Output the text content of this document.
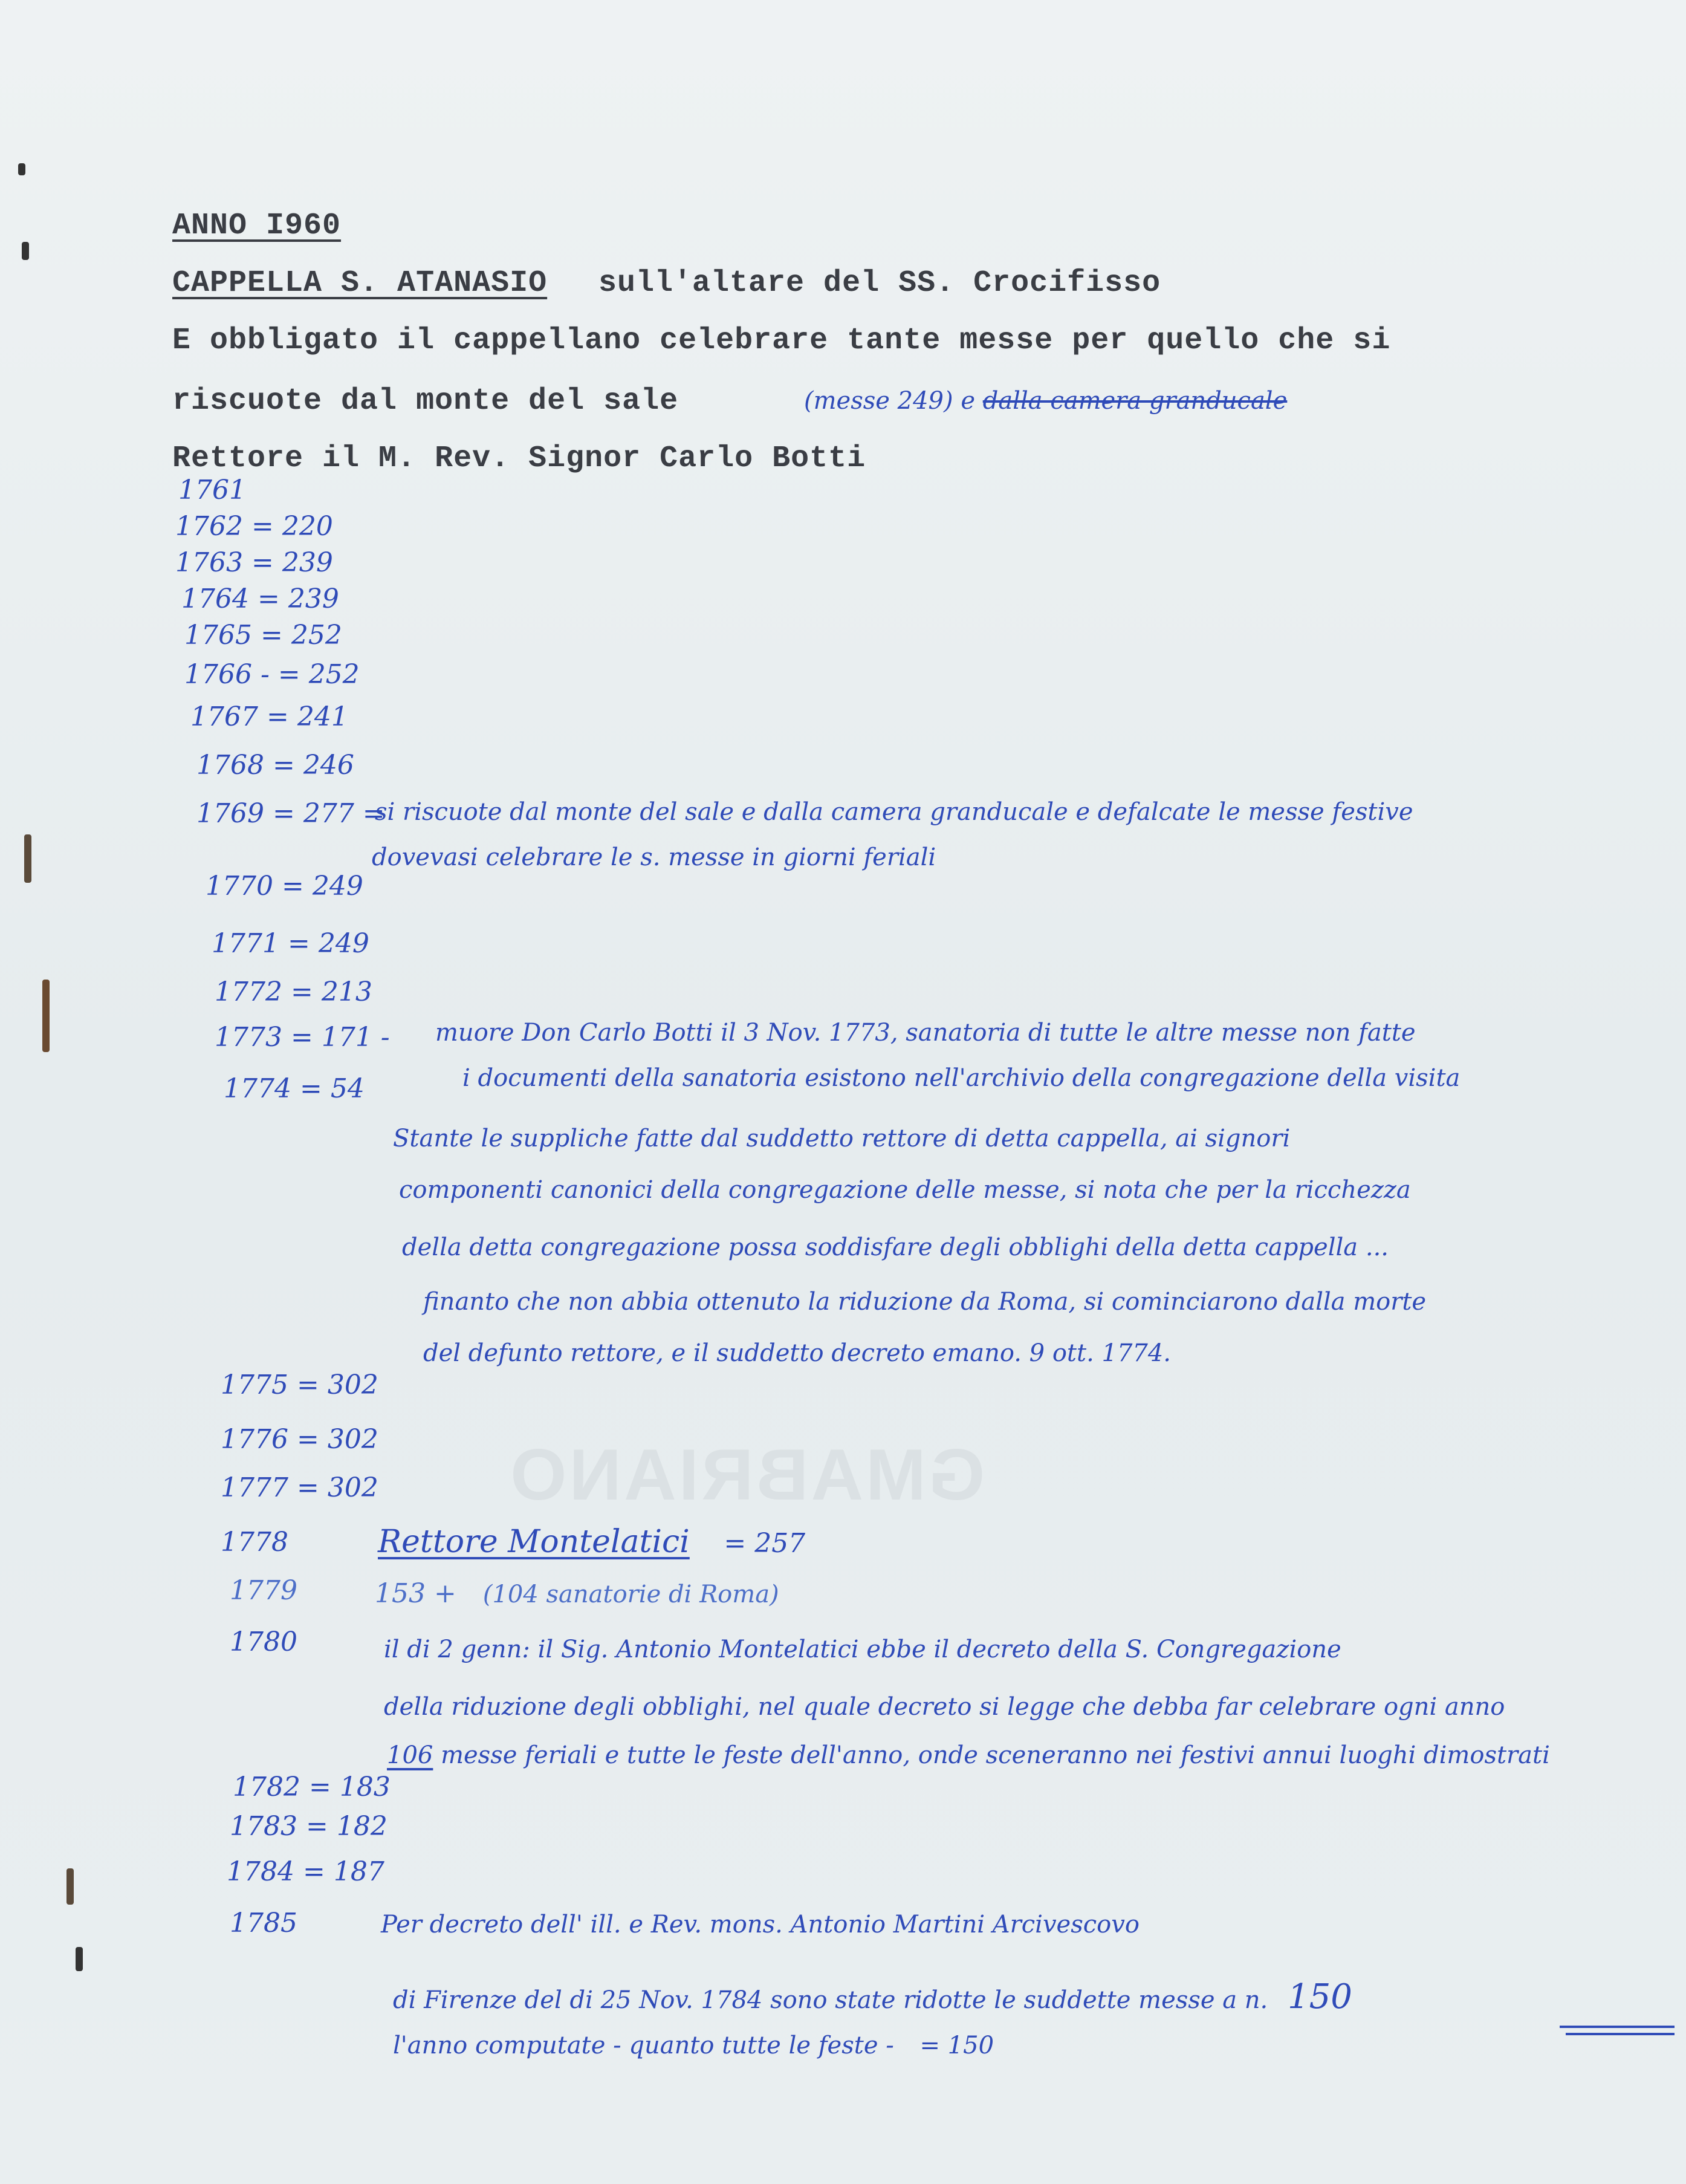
GMABRIANO
ANNO I960
CAPPELLA S. ATANASIO sull'altare del SS. Crocifisso
E obbligato il cappellano celebrare tante messe per quello che si
riscuote dal monte del sale	(messe 249) e dalla camera granducale
Rettore il M. Rev. Signor Carlo Botti
1761
1762 = 220
1763 = 239
1764 = 239
1765 = 252
1766 - = 252
1767 = 241
1768 = 246
1769 = 277 =
1770 = 249
1771 = 249
1772 = 213
1773 = 171 -
1774 = 54
1775 = 302
1776 = 302
1777 = 302
1778
1779
1780
1782 = 183
1783 = 182
1784 = 187
1785
si riscuote dal monte del sale e dalla camera granducale e defalcate le messe festive
dovevasi celebrare le s. messe in giorni feriali
muore Don Carlo Botti il 3 Nov. 1773, sanatoria di tutte le altre messe non fatte
i documenti della sanatoria esistono nell'archivio della congregazione della visita
Stante le suppliche fatte dal suddetto rettore di detta cappella, ai signori
componenti canonici della congregazione delle messe, si nota che per la ricchezza
della detta congregazione possa soddisfare degli obblighi della detta cappella ...
finanto che non abbia ottenuto la riduzione da Roma, si cominciarono dalla morte
del defunto rettore, e il suddetto decreto emano. 9 ott. 1774.
Rettore Montelatici = 257
153 + (104 sanatorie di Roma)
il di 2 genn: il Sig. Antonio Montelatici ebbe il decreto della S. Congregazione
della riduzione degli obblighi, nel quale decreto si legge che debba far celebrare ogni anno
106 messe feriali e tutte le feste dell'anno, onde sceneranno nei festivi annui luoghi dimostrati
Per decreto dell' ill. e Rev. mons. Antonio Martini Arcivescovo
di Firenze del di 25 Nov. 1784 sono state ridotte le suddette messe a n. 150
l'anno computate - quanto tutte le feste - = 150
